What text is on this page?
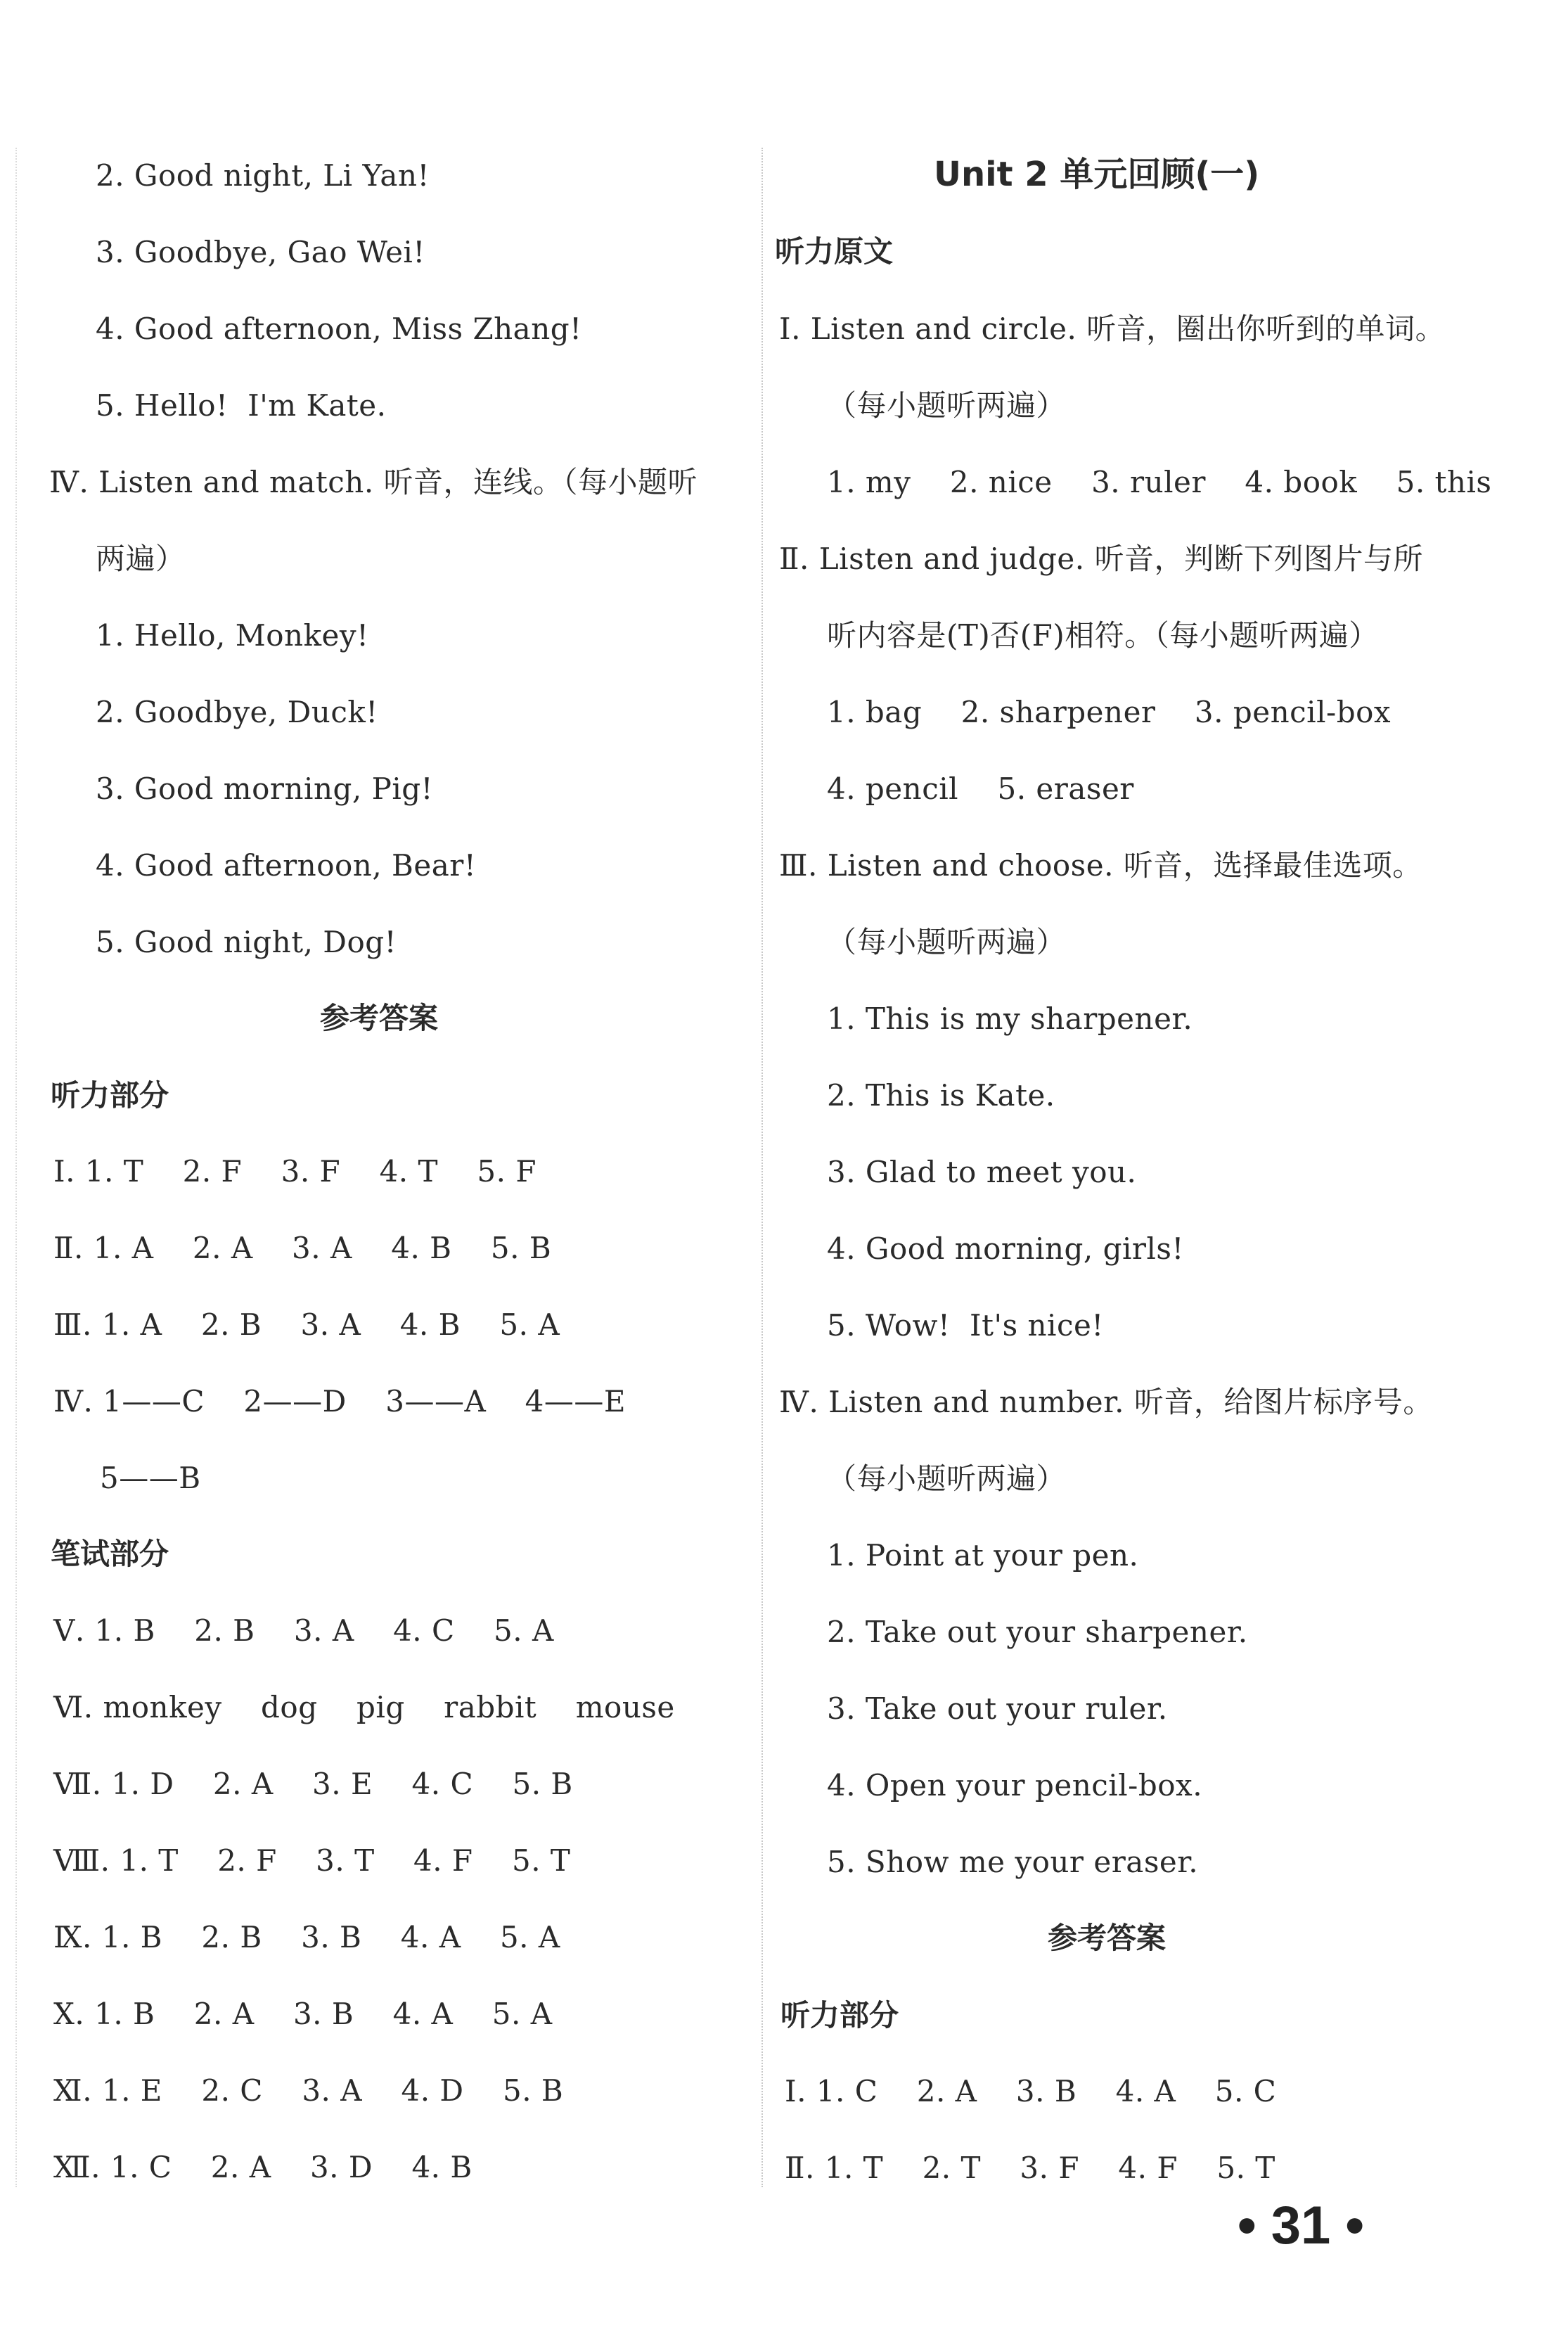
2. Good night, Li Yan!
3. Goodbye, Gao Wei!
4. Good afternoon, Miss Zhang!
5. Hello!  I'm Kate.
Ⅳ. Listen and match. 听音，连线。（每小题听
两遍）
1. Hello, Monkey!
2. Goodbye, Duck!
3. Good morning, Pig!
4. Good afternoon, Bear!
5. Good night, Dog!
参考答案
听力部分
Ⅰ. 1. T    2. F    3. F    4. T    5. F
Ⅱ. 1. A    2. A    3. A    4. B    5. B
Ⅲ. 1. A    2. B    3. A    4. B    5. A
Ⅳ. 1——C    2——D    3——A    4——E
5——B
笔试部分
Ⅴ. 1. B    2. B    3. A    4. C    5. A
Ⅵ. monkey    dog    pig    rabbit    mouse
Ⅶ. 1. D    2. A    3. E    4. C    5. B
Ⅷ. 1. T    2. F    3. T    4. F    5. T
Ⅸ. 1. B    2. B    3. B    4. A    5. A
Ⅹ. 1. B    2. A    3. B    4. A    5. A
Ⅺ. 1. E    2. C    3. A    4. D    5. B
Ⅻ. 1. C    2. A    3. D    4. B
Unit 2 单元回顾(一)
听力原文
Ⅰ. Listen and circle. 听音，圈出你听到的单词。
（每小题听两遍）
1. my    2. nice    3. ruler    4. book    5. this
Ⅱ. Listen and judge. 听音，判断下列图片与所
听内容是(T)否(F)相符。（每小题听两遍）
1. bag    2. sharpener    3. pencil-box
4. pencil    5. eraser
Ⅲ. Listen and choose. 听音，选择最佳选项。
（每小题听两遍）
1. This is my sharpener.
2. This is Kate.
3. Glad to meet you.
4. Good morning, girls!
5. Wow!  It's nice!
Ⅳ. Listen and number. 听音，给图片标序号。
（每小题听两遍）
1. Point at your pen.
2. Take out your sharpener.
3. Take out your ruler.
4. Open your pencil-box.
5. Show me your eraser.
参考答案
听力部分
Ⅰ. 1. C    2. A    3. B    4. A    5. C
Ⅱ. 1. T    2. T    3. F    4. F    5. T
• 31 •
